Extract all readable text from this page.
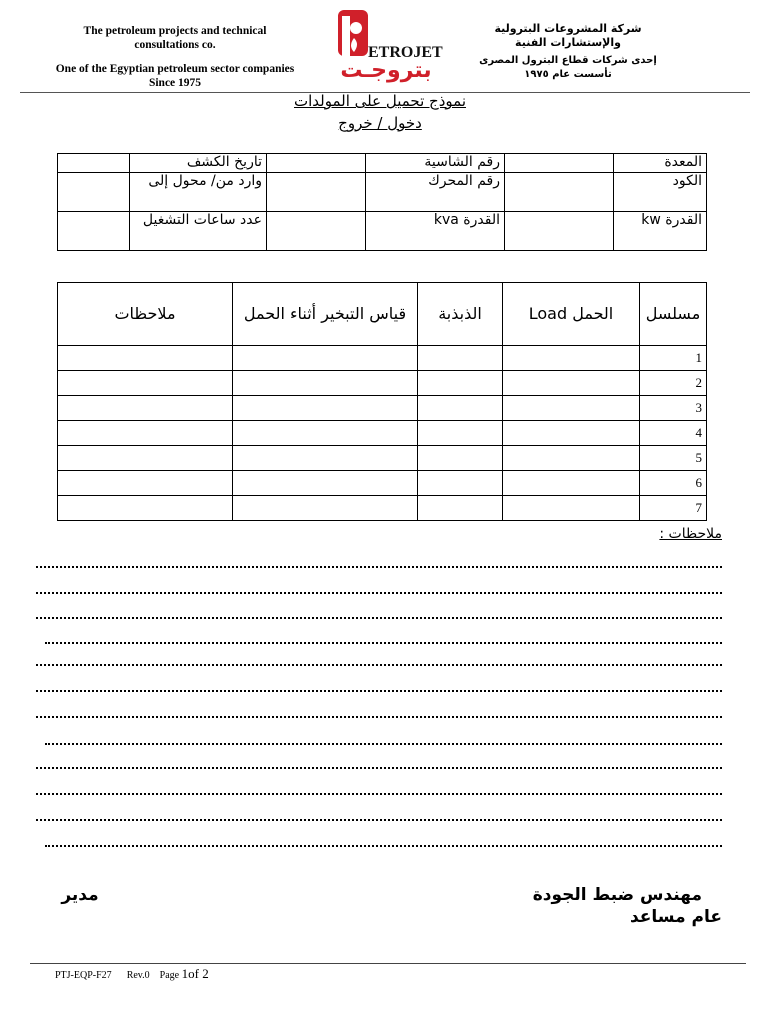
The petroleum projects and technical
consultations co.
One of the Egyptian petroleum sector companies
Since 1975
ETROJET
بتروجـت
شركة المشروعات البترولية
والإستشارات الفنية
إحدى شركات قطاع البترول المصرى
تأسست عام ١٩٧٥
نموذج تحميل على المولدات
دخول / خروج
المعدة		رقم الشاسية		تاريخ الكشف	
الكود		رقم المحرك		وارد من/ محول إلى	
القدرة kw		القدرة kva		عدد ساعات التشغيل	
مسلسل	الحمل Load	الذبذبة	قياس التبخير أثناء الحمل	ملاحظات
1				
2				
3				
4				
5				
6				
7				
ملاحظات :
مهندس ضبط الجودة
عام مساعد
مدير
PTJ-EQP-F27 Rev.0 Page 1of 2
